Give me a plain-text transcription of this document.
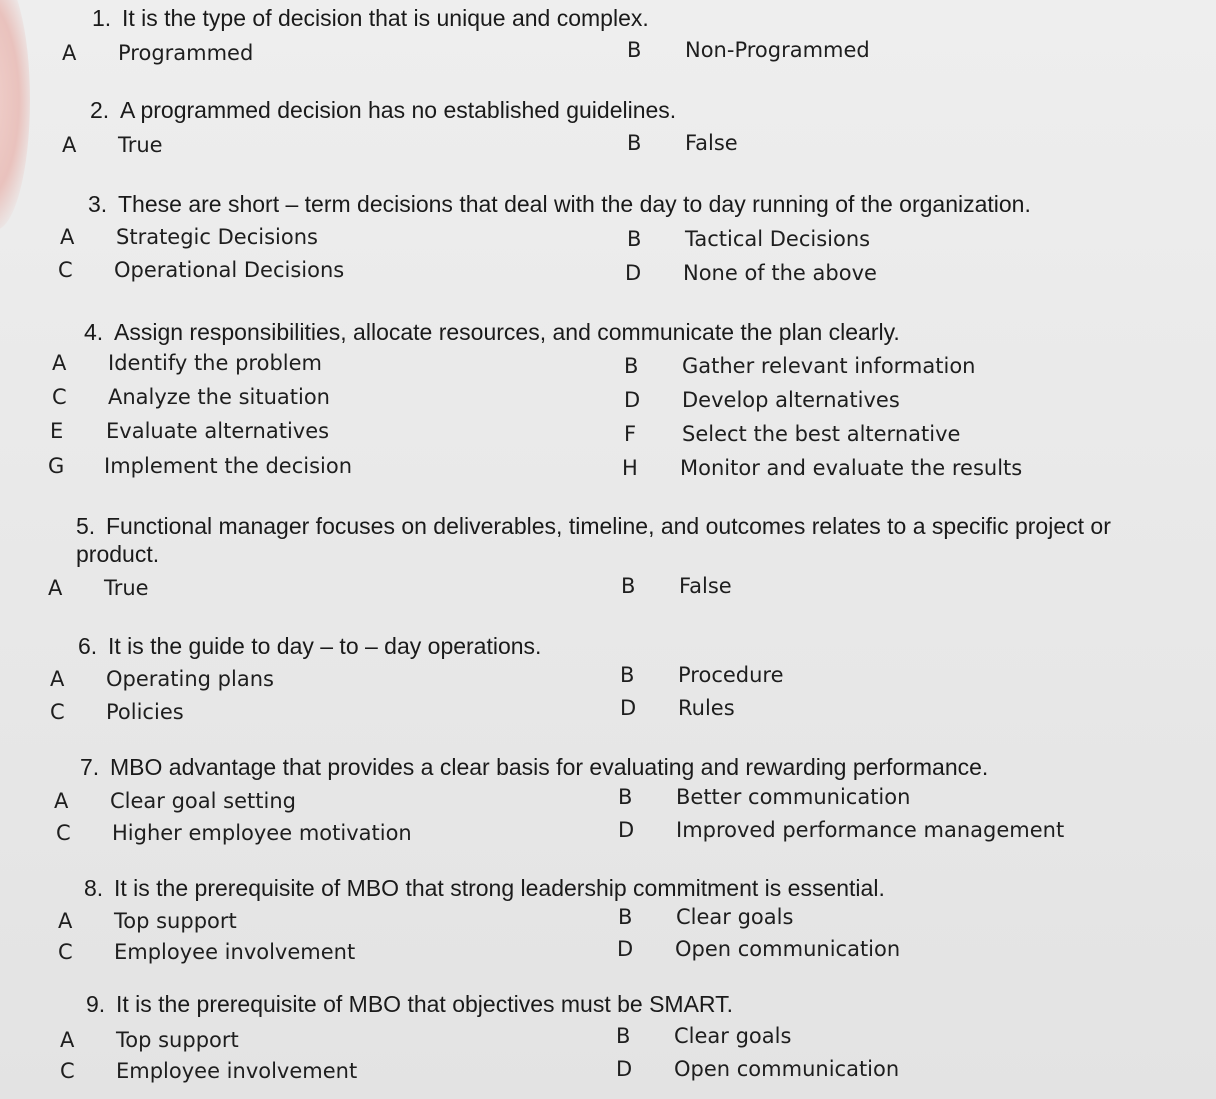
1. It is the type of decision that is unique and complex.

A Programmed	B Non-Programmed

2. A programmed decision has no established guidelines.

A True	B False

3. These are short – term decisions that deal with the day to day running of the organization.

A Strategic Decisions	B Tactical Decisions
C Operational Decisions	D None of the above

4. Assign responsibilities, allocate resources, and communicate the plan clearly.

A Identify the problem	B Gather relevant information
C Analyze the situation	D Develop alternatives
E Evaluate alternatives	F Select the best alternative
G Implement the decision	H Monitor and evaluate the results

5. Functional manager focuses on deliverables, timeline, and outcomes relates to a specific project or product.

A True	B False

6. It is the guide to day – to – day operations.

A Operating plans	B Procedure
C Policies	D Rules

7. MBO advantage that provides a clear basis for evaluating and rewarding performance.

A Clear goal setting	B Better communication
C Higher employee motivation	D Improved performance management

8. It is the prerequisite of MBO that strong leadership commitment is essential.

A Top support	B Clear goals
C Employee involvement	D Open communication

9. It is the prerequisite of MBO that objectives must be SMART.

A Top support	B Clear goals
C Employee involvement	D Open communication
